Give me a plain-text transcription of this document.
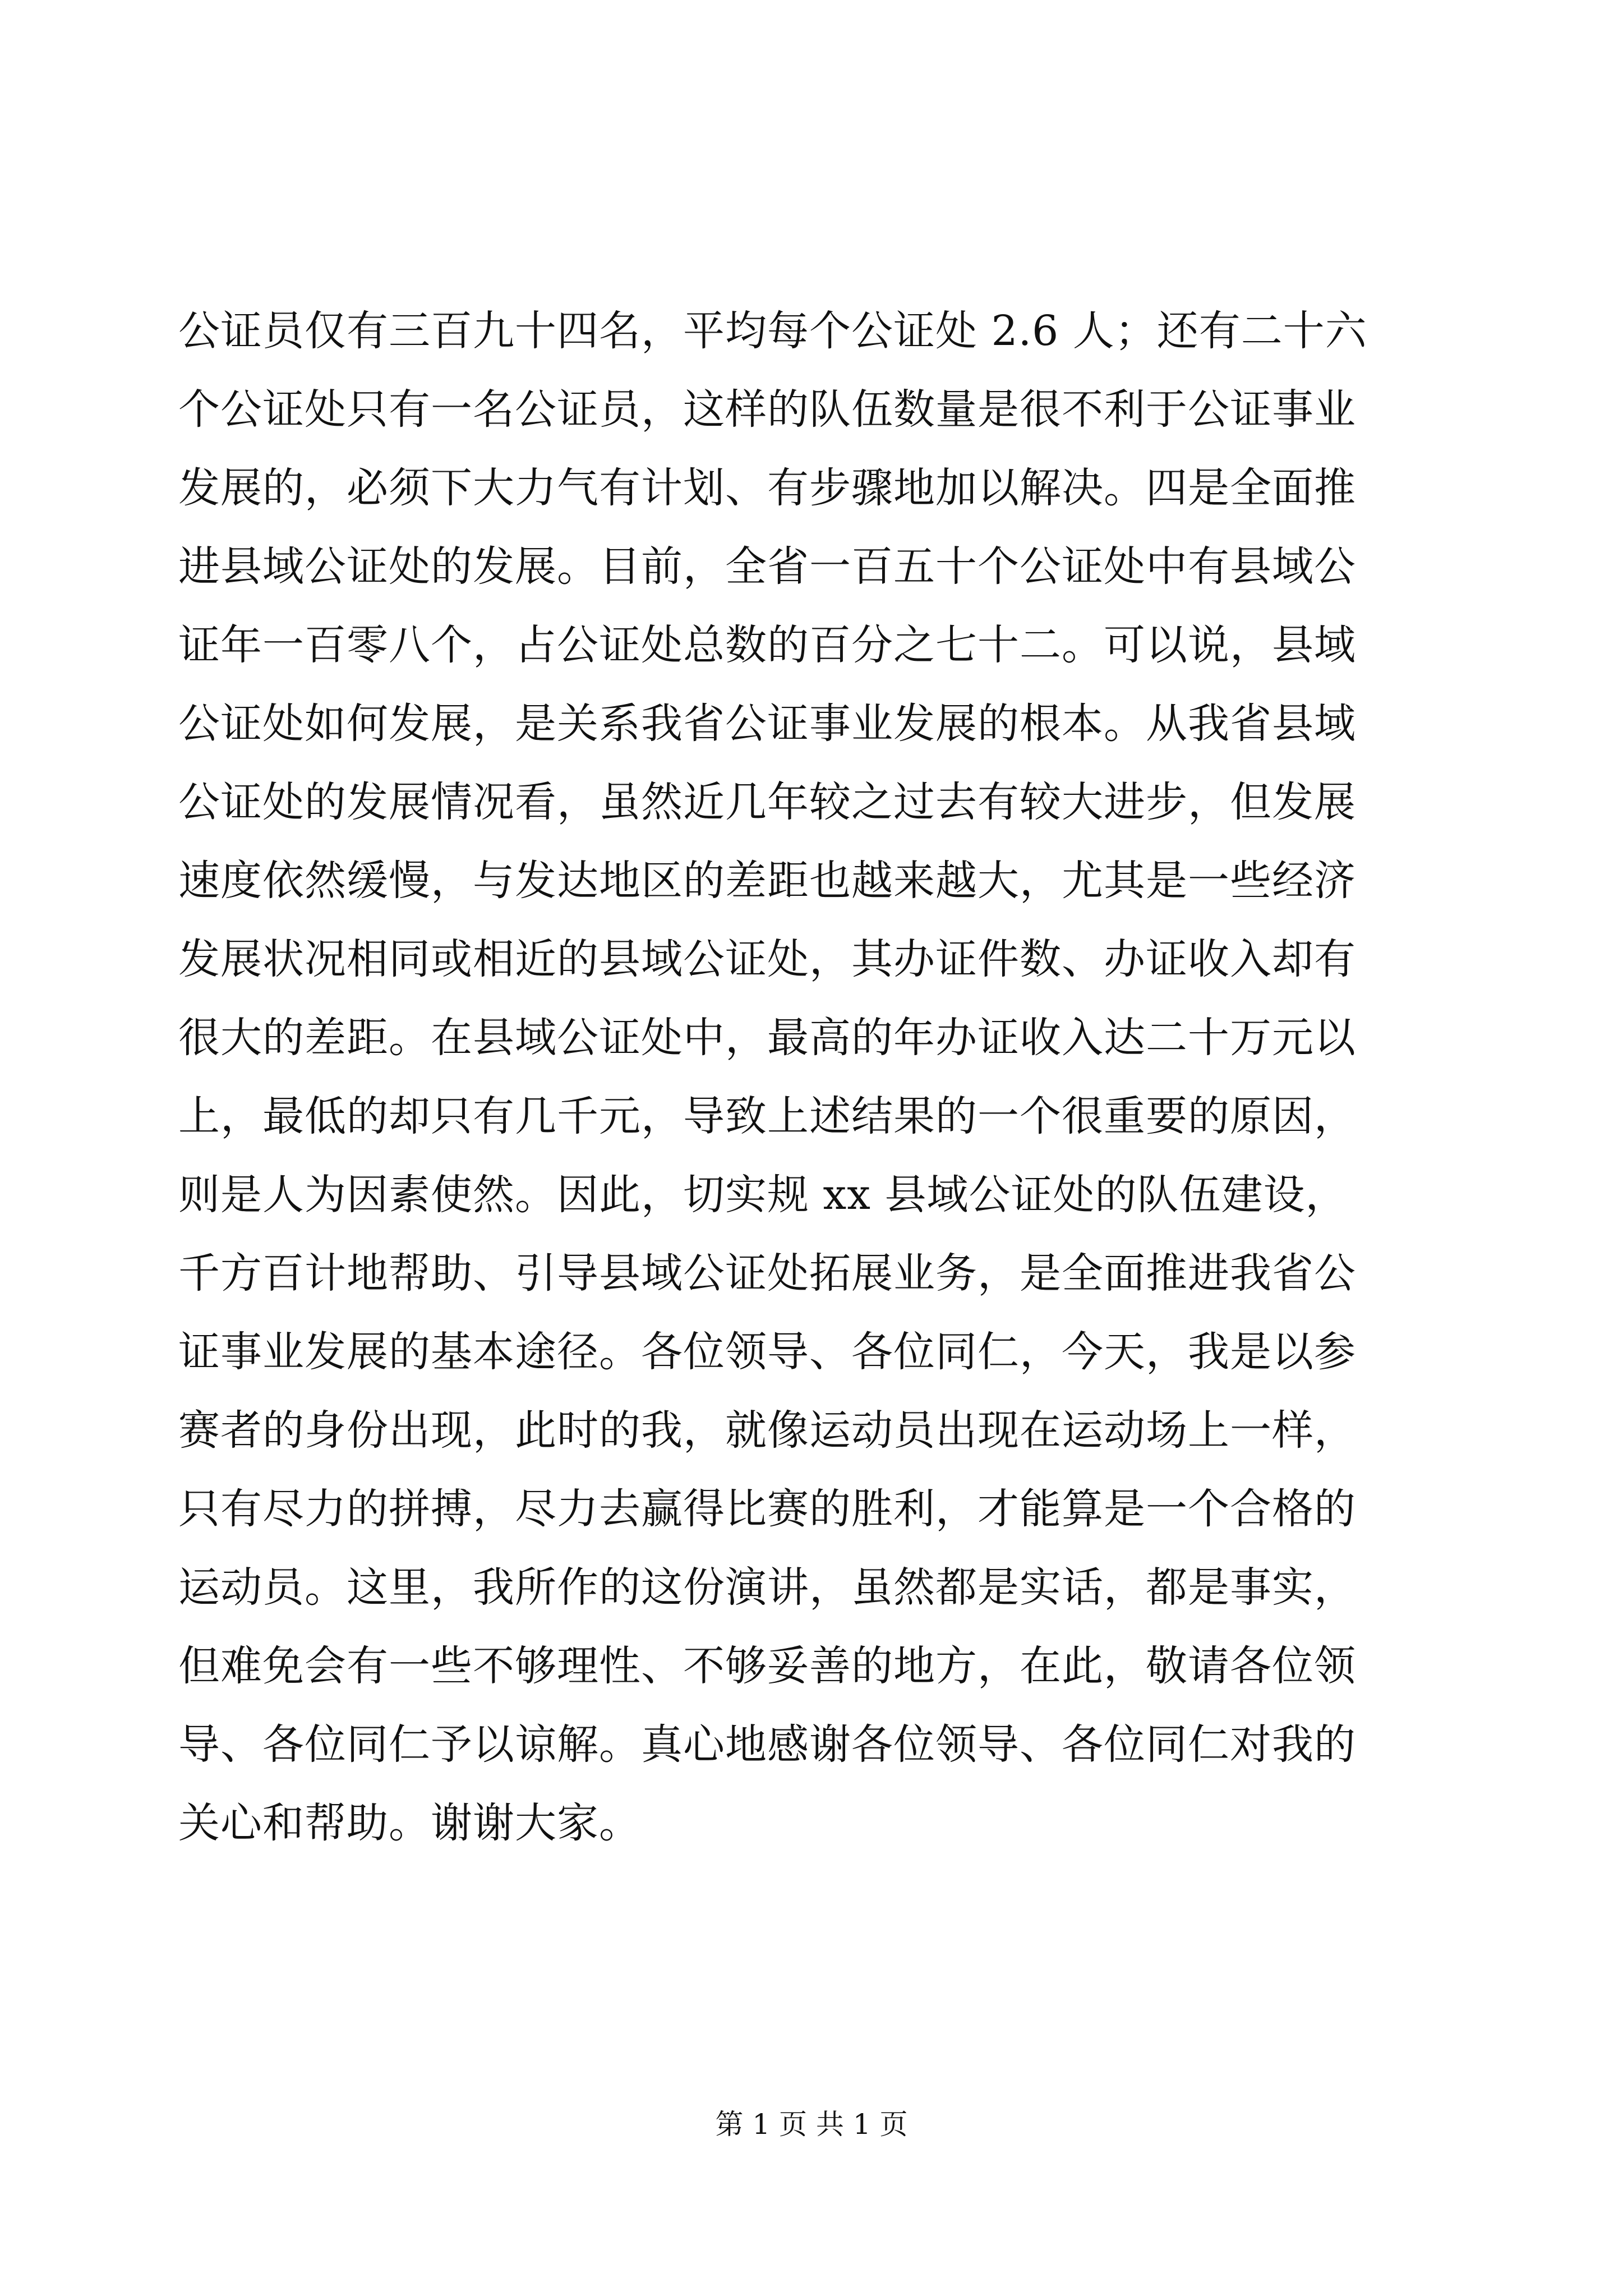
公证员仅有三百九十四名，平均每个公证处 2.6 人；还有二十六
个公证处只有一名公证员，这样的队伍数量是很不利于公证事业
发展的，必须下大力气有计划、有步骤地加以解决。四是全面推
进县域公证处的发展。目前，全省一百五十个公证处中有县域公
证年一百零八个，占公证处总数的百分之七十二。可以说，县域
公证处如何发展，是关系我省公证事业发展的根本。从我省县域
公证处的发展情况看，虽然近几年较之过去有较大进步，但发展
速度依然缓慢，与发达地区的差距也越来越大，尤其是一些经济
发展状况相同或相近的县域公证处，其办证件数、办证收入却有
很大的差距。在县域公证处中，最高的年办证收入达二十万元以
上，最低的却只有几千元，导致上述结果的一个很重要的原因，
则是人为因素使然。因此，切实规 xx 县域公证处的队伍建设，
千方百计地帮助、引导县域公证处拓展业务，是全面推进我省公
证事业发展的基本途径。各位领导、各位同仁，今天，我是以参
赛者的身份出现，此时的我，就像运动员出现在运动场上一样，
只有尽力的拼搏，尽力去赢得比赛的胜利，才能算是一个合格的
运动员。这里，我所作的这份演讲，虽然都是实话，都是事实，
但难免会有一些不够理性、不够妥善的地方，在此，敬请各位领
导、各位同仁予以谅解。真心地感谢各位领导、各位同仁对我的
关心和帮助。谢谢大家。
第 1 页 共 1 页
